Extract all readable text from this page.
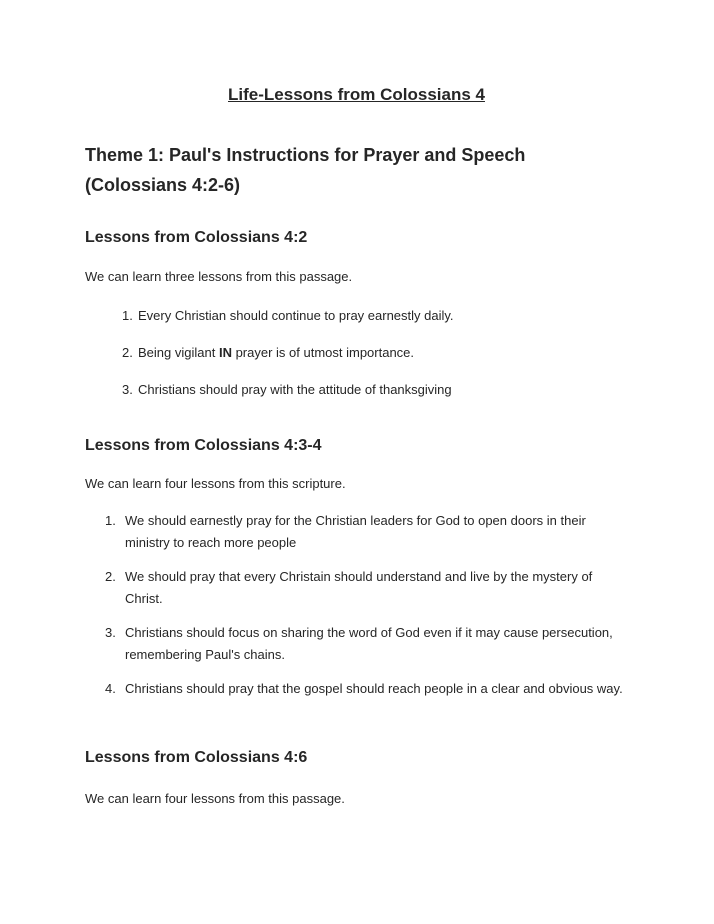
Life-Lessons from Colossians 4
Theme 1: Paul's Instructions for Prayer and Speech (Colossians 4:2-6)
Lessons from Colossians 4:2

We can learn three lessons from this passage.

1. Every Christian should continue to pray earnestly daily.
2. Being vigilant IN prayer is of utmost importance.
3. Christians should pray with the attitude of thanksgiving
Lessons from Colossians 4:3-4

We can learn four lessons from this scripture.

1. We should earnestly pray for the Christian leaders for God to open doors in their ministry to reach more people
2. We should pray that every Christain should understand and live by the mystery of Christ.
3. Christians should focus on sharing the word of God even if it may cause persecution, remembering Paul's chains.
4. Christians should pray that the gospel should reach people in a clear and obvious way.
Lessons from Colossians 4:6

We can learn four lessons from this passage.
